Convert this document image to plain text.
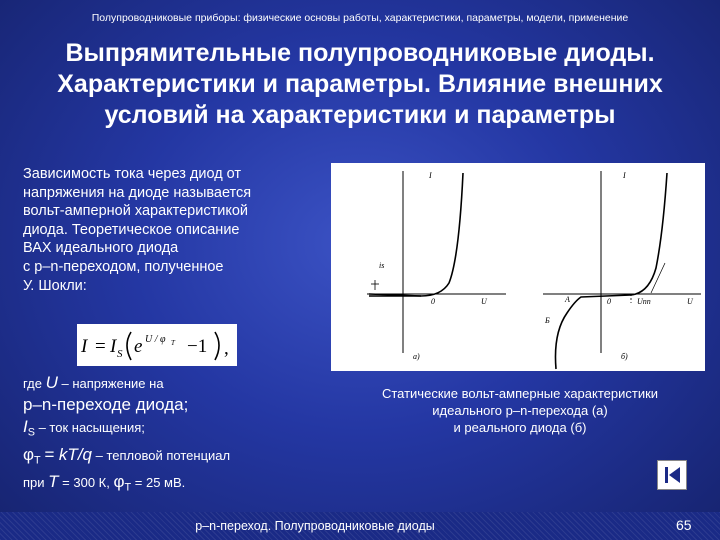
Полупроводниковые приборы: физические основы работы, характеристики, параметры, модели, применение
Выпрямительные полупроводниковые диоды.
Характеристики и параметры. Влияние внешних
условий на характеристики и параметры
Зависимость тока через диод от
напряжения на диоде называется
вольт-амперной характеристикой
диода. Теоретическое описание
ВАХ идеального диода
с p–n-переходом, полученное
У. Шокли:
I = I S e U / φ T −1 ,
где U – напряжение на
p–n-переходе диода;
$I_S$ – ток насыщения;
$\varphi_T = kT/q$ – тепловой потенциал
при T = 300 К, $\varphi_T = 25$ мВ.
I
U
0
is
а)
I
U
0
А
Б
Uпп
б)
Статические вольт-амперные характеристики
идеального p–n-перехода (а)
и реального диода (б)
p–n-переход. Полупроводниковые диоды	65
